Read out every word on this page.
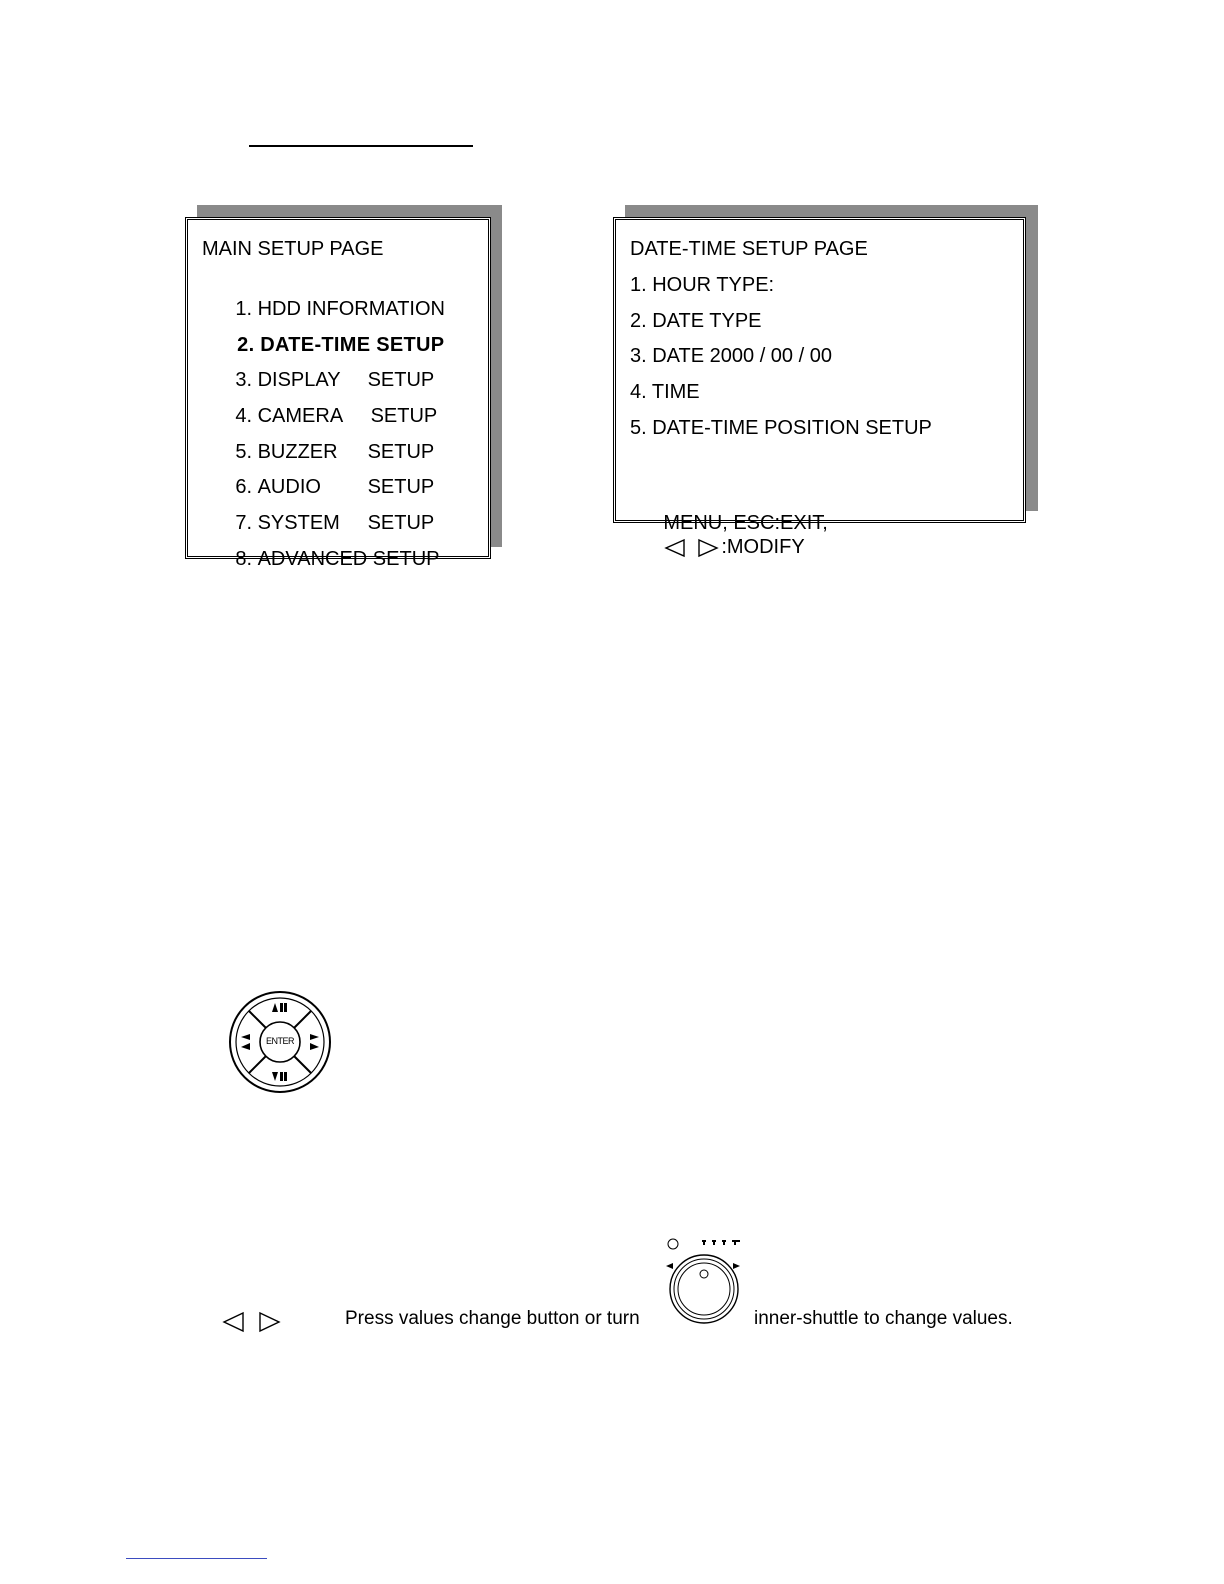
MAIN SETUP PAGE

1. HDD INFORMATION

2. DATE-TIME SETUP

3. DISPLAY SETUP

4. CAMERA SETUP

5. BUZZER SETUP

6. AUDIO SETUP

7. SYSTEM SETUP

8. ADVANCED SETUP

DATE-TIME SETUP PAGE
1. HOUR TYPE:
2. DATE TYPE
3. DATE 2000 / 00 / 00
4. TIME
5. DATE-TIME POSITION SETUP

MENU, ESC:EXIT,
:MODIFY

ENTER
Press values change button or turn	inner-shuttle to change values.
